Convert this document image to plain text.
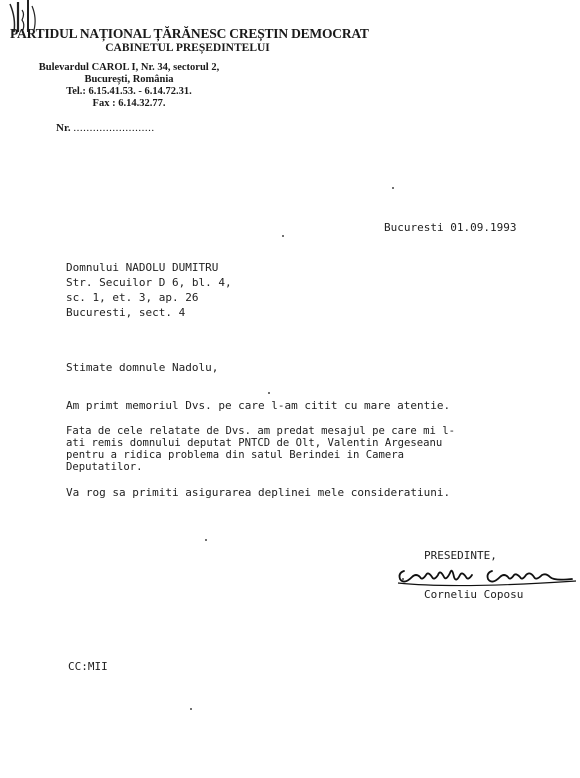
PARTIDUL NAȚIONAL ȚĂRĂNESC CREȘTIN DEMOCRAT
CABINETUL PREȘEDINTELUI
Bulevardul CAROL I, Nr. 34, sectorul 2,
București, România
Tel.: 6.15.41.53. - 6.14.72.31.
Fax : 6.14.32.77.
Nr. .........................
Bucuresti 01.09.1993
Domnului NADOLU DUMITRU
Str. Secuilor D 6, bl. 4,
sc. 1, et. 3, ap. 26
Bucuresti, sect. 4
Stimate domnule Nadolu,
Am primt memoriul Dvs. pe care l-am citit cu mare atentie.
Fata de cele relatate de Dvs. am predat mesajul pe care mi l-
ati remis domnului deputat PNTCD de Olt, Valentin Argeseanu
pentru a ridica problema din satul Berindei in Camera
Deputatilor.
Va rog sa primiti asigurarea deplinei mele consideratiuni.
PRESEDINTE,
Corneliu Coposu
CC:MII
